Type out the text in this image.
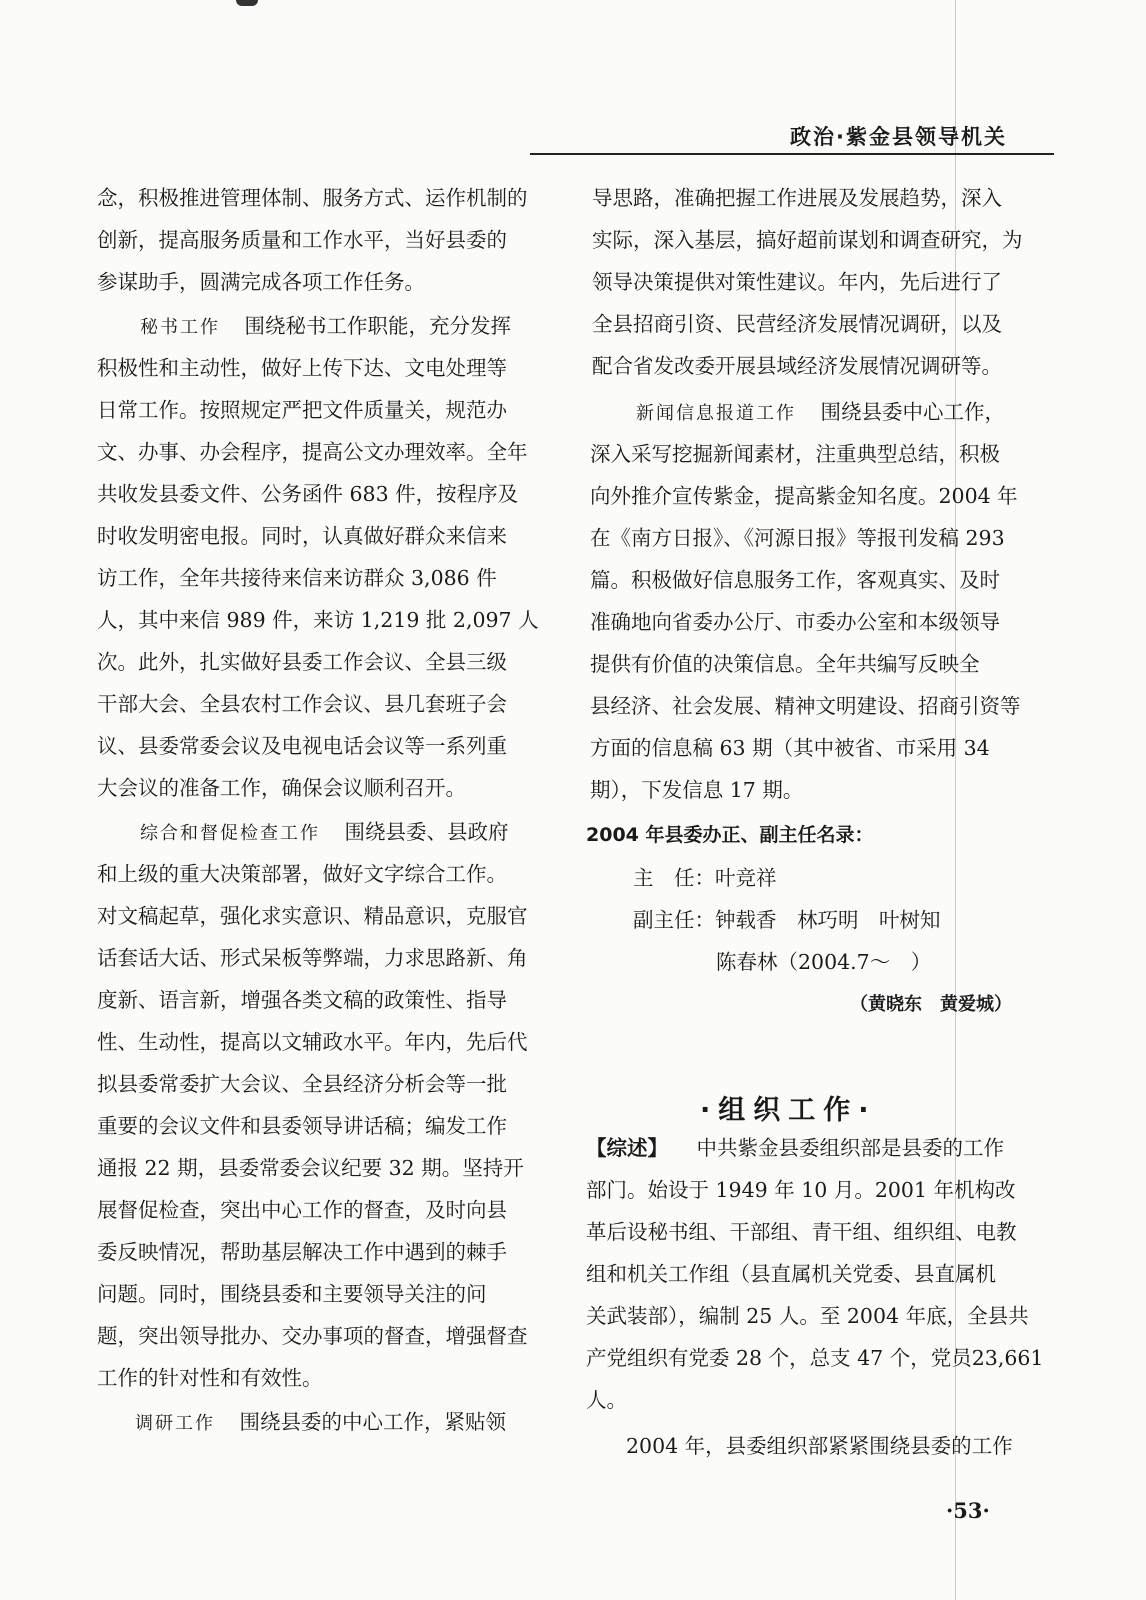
政治·紫金县领导机关
念，积极推进管理体制、服务方式、运作机制的
创新，提高服务质量和工作水平，当好县委的
参谋助手，圆满完成各项工作任务。
秘书工作 围绕秘书工作职能，充分发挥
积极性和主动性，做好上传下达、文电处理等
日常工作。按照规定严把文件质量关，规范办
文、办事、办会程序，提高公文办理效率。全年
共收发县委文件、公务函件 683 件，按程序及
时收发明密电报。同时，认真做好群众来信来
访工作，全年共接待来信来访群众 3,086 件
人，其中来信 989 件，来访 1,219 批 2,097 人
次。此外，扎实做好县委工作会议、全县三级
干部大会、全县农村工作会议、县几套班子会
议、县委常委会议及电视电话会议等一系列重
大会议的准备工作，确保会议顺利召开。
综合和督促检查工作 围绕县委、县政府
和上级的重大决策部署，做好文字综合工作。
对文稿起草，强化求实意识、精品意识，克服官
话套话大话、形式呆板等弊端，力求思路新、角
度新、语言新，增强各类文稿的政策性、指导
性、生动性，提高以文辅政水平。年内，先后代
拟县委常委扩大会议、全县经济分析会等一批
重要的会议文件和县委领导讲话稿；编发工作
通报 22 期，县委常委会议纪要 32 期。坚持开
展督促检查，突出中心工作的督查，及时向县
委反映情况，帮助基层解决工作中遇到的棘手
问题。同时，围绕县委和主要领导关注的问
题，突出领导批办、交办事项的督查，增强督查
工作的针对性和有效性。
调研工作 围绕县委的中心工作，紧贴领
导思路，准确把握工作进展及发展趋势，深入
实际，深入基层，搞好超前谋划和调查研究，为
领导决策提供对策性建议。年内，先后进行了
全县招商引资、民营经济发展情况调研，以及
配合省发改委开展县域经济发展情况调研等。
新闻信息报道工作 围绕县委中心工作，
深入采写挖掘新闻素材，注重典型总结，积极
向外推介宣传紫金，提高紫金知名度。2004 年
在《南方日报》、《河源日报》等报刊发稿 293
篇。积极做好信息服务工作，客观真实、及时
准确地向省委办公厅、市委办公室和本级领导
提供有价值的决策信息。全年共编写反映全
县经济、社会发展、精神文明建设、招商引资等
方面的信息稿 63 期（其中被省、市采用 34
期），下发信息 17 期。
2004 年县委办正、副主任名录：
主　任：叶竞祥
副主任：钟载香　林巧明　叶树知
陈春林（2004.7～　）
（黄晓东　黄爱城）
·组织工作·
【综述】 中共紫金县委组织部是县委的工作
部门。始设于 1949 年 10 月。2001 年机构改
革后设秘书组、干部组、青干组、组织组、电教
组和机关工作组（县直属机关党委、县直属机
关武装部），编制 25 人。至 2004 年底，全县共
产党组织有党委 28 个，总支 47 个，党员23,661
人。
2004 年，县委组织部紧紧围绕县委的工作
·53·
